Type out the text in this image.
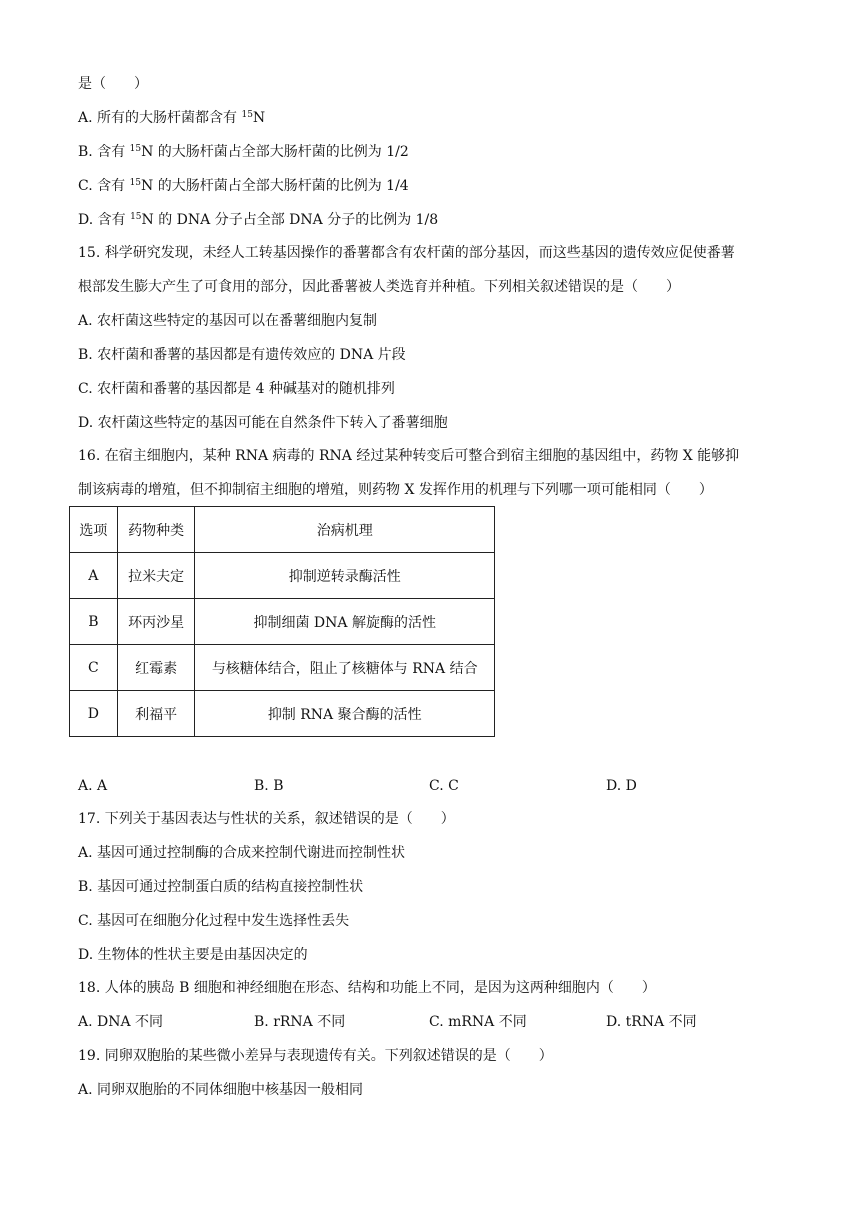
是（　　）
A. 所有的大肠杆菌都含有 $^{15}$N
B. 含有 $^{15}$N 的大肠杆菌占全部大肠杆菌的比例为 1/2
C. 含有 $^{15}$N 的大肠杆菌占全部大肠杆菌的比例为 1/4
D. 含有 $^{15}$N 的 DNA 分子占全部 DNA 分子的比例为 1/8
15. 科学研究发现，未经人工转基因操作的番薯都含有农杆菌的部分基因，而这些基因的遗传效应促使番薯
根部发生膨大产生了可食用的部分，因此番薯被人类选育并种植。下列相关叙述错误的是（　　）
A. 农杆菌这些特定的基因可以在番薯细胞内复制
B. 农杆菌和番薯的基因都是有遗传效应的 DNA 片段
C. 农杆菌和番薯的基因都是 4 种碱基对的随机排列
D. 农杆菌这些特定的基因可能在自然条件下转入了番薯细胞
16. 在宿主细胞内，某种 RNA 病毒的 RNA 经过某种转变后可整合到宿主细胞的基因组中，药物 X 能够抑
制该病毒的增殖，但不抑制宿主细胞的增殖，则药物 X 发挥作用的机理与下列哪一项可能相同（　　）
选项	药物种类	治病机理
A	拉米夫定	抑制逆转录酶活性
B	环丙沙星	抑制细菌 DNA 解旋酶的活性
C	红霉素	与核糖体结合，阻止了核糖体与 RNA 结合
D	利福平	抑制 RNA 聚合酶的活性
A. A	B. B	C. C	D. D
17. 下列关于基因表达与性状的关系，叙述错误的是（　　）
A. 基因可通过控制酶的合成来控制代谢进而控制性状
B. 基因可通过控制蛋白质的结构直接控制性状
C. 基因可在细胞分化过程中发生选择性丢失
D. 生物体的性状主要是由基因决定的
18. 人体的胰岛 B 细胞和神经细胞在形态、结构和功能上不同，是因为这两种细胞内（　　）
A. DNA 不同	B. rRNA 不同	C. mRNA 不同	D. tRNA 不同
19. 同卵双胞胎的某些微小差异与表现遗传有关。下列叙述错误的是（　　）
A. 同卵双胞胎的不同体细胞中核基因一般相同
